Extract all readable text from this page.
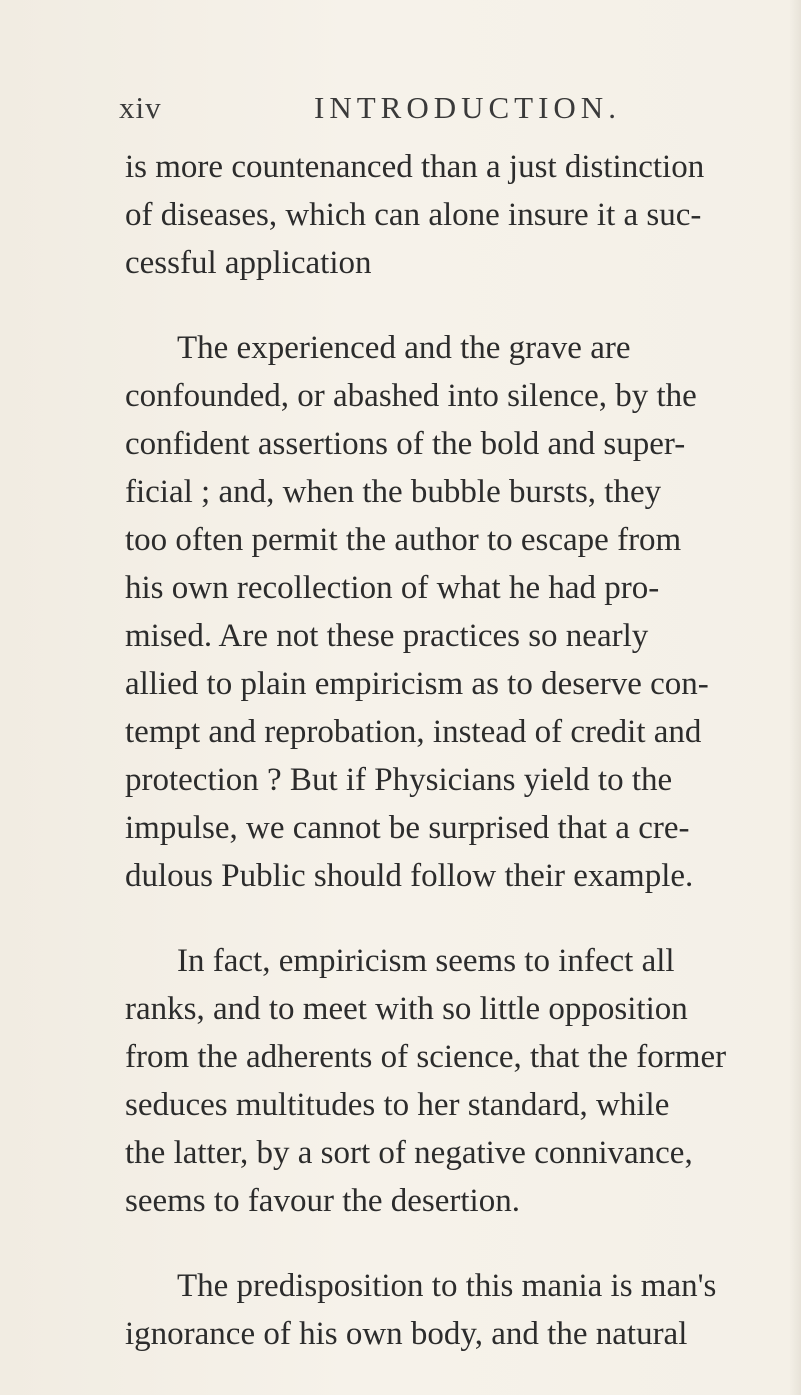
xiv	INTRODUCTION.

is more countenanced than a just distinction
of diseases, which can alone insure it a suc-
cessful application

The experienced and the grave are
confounded, or abashed into silence, by the
confident assertions of the bold and super-
ficial ; and, when the bubble bursts, they
too often permit the author to escape from
his own recollection of what he had pro-
mised. Are not these practices so nearly
allied to plain empiricism as to deserve con-
tempt and reprobation, instead of credit and
protection ? But if Physicians yield to the
impulse, we cannot be surprised that a cre-
dulous Public should follow their example.

In fact, empiricism seems to infect all
ranks, and to meet with so little opposition
from the adherents of science, that the former
seduces multitudes to her standard, while
the latter, by a sort of negative connivance,
seems to favour the desertion.

The predisposition to this mania is man's
ignorance of his own body, and the natural
